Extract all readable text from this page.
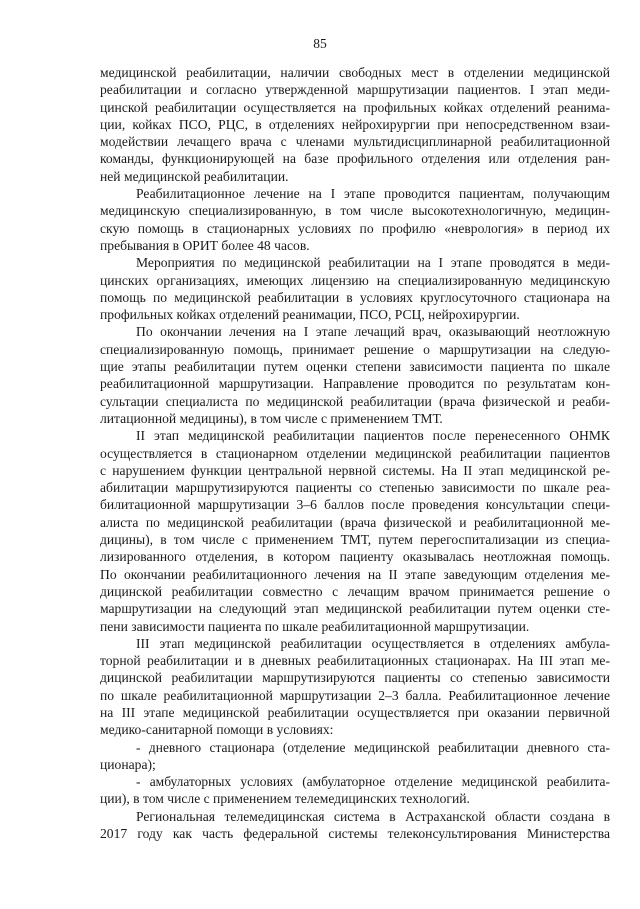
85
медицинской реабилитации, наличии свободных мест в отделении медицинской
реабилитации и согласно утвержденной маршрутизации пациентов. I этап меди-
цинской реабилитации осуществляется на профильных койках отделений реанима-
ции, койках ПСО, РЦС, в отделениях нейрохирургии при непосредственном взаи-
модействии лечащего врача с членами мультидисциплинарной реабилитационной
команды, функционирующей на базе профильного отделения или отделения ран-
ней медицинской реабилитации.
Реабилитационное лечение на I этапе проводится пациентам, получающим
медицинскую специализированную, в том числе высокотехнологичную, медицин-
скую помощь в стационарных условиях по профилю «неврология» в период их
пребывания в ОРИТ более 48 часов.
Мероприятия по медицинской реабилитации на I этапе проводятся в меди-
цинских организациях, имеющих лицензию на специализированную медицинскую
помощь по медицинской реабилитации в условиях круглосуточного стационара на
профильных койках отделений реанимации, ПСО, РСЦ, нейрохирургии.
По окончании лечения на I этапе лечащий врач, оказывающий неотложную
специализированную помощь, принимает решение о маршрутизации на следую-
щие этапы реабилитации путем оценки степени зависимости пациента по шкале
реабилитационной маршрутизации. Направление проводится по результатам кон-
сультации специалиста по медицинской реабилитации (врача физической и реаби-
литационной медицины), в том числе с применением ТМТ.
II этап медицинской реабилитации пациентов после перенесенного ОНМК
осуществляется в стационарном отделении медицинской реабилитации пациентов
с нарушением функции центральной нервной системы. На II этап медицинской ре-
абилитации маршрутизируются пациенты со степенью зависимости по шкале реа-
билитационной маршрутизации 3–6 баллов после проведения консультации специ-
алиста по медицинской реабилитации (врача физической и реабилитационной ме-
дицины), в том числе с применением ТМТ, путем перегоспитализации из специа-
лизированного отделения, в котором пациенту оказывалась неотложная помощь.
По окончании реабилитационного лечения на II этапе заведующим отделения ме-
дицинской реабилитации совместно с лечащим врачом принимается решение о
маршрутизации на следующий этап медицинской реабилитации путем оценки сте-
пени зависимости пациента по шкале реабилитационной маршрутизации.
III этап медицинской реабилитации осуществляется в отделениях амбула-
торной реабилитации и в дневных реабилитационных стационарах. На III этап ме-
дицинской реабилитации маршрутизируются пациенты со степенью зависимости
по шкале реабилитационной маршрутизации 2–3 балла. Реабилитационное лечение
на III этапе медицинской реабилитации осуществляется при оказании первичной
медико-санитарной помощи в условиях:
- дневного стационара (отделение медицинской реабилитации дневного ста-
ционара);
- амбулаторных условиях (амбулаторное отделение медицинской реабилита-
ции), в том числе с применением телемедицинских технологий.
Региональная телемедицинская система в Астраханской области создана в
2017 году как часть федеральной системы телеконсультирования Министерства
